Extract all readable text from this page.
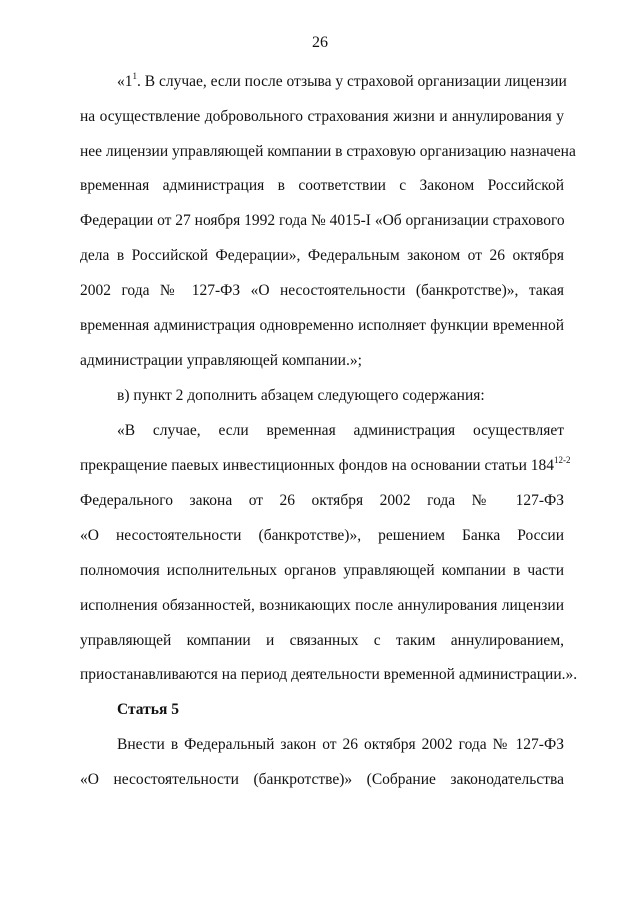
26
«$1^1$. В случае, если после отзыва у страховой организации лицензии
на осуществление добровольного страхования жизни и аннулирования у
нее лицензии управляющей компании в страховую организацию назначена
временная администрация в соответствии с Законом Российской
Федерации от 27 ноября 1992 года № 4015-I «Об организации страхового
дела в Российской Федерации», Федеральным законом от 26 октября
2002 года № 127-ФЗ «О несостоятельности (банкротстве)», такая
временная администрация одновременно исполняет функции временной
администрации управляющей компании.»;
в) пункт 2 дополнить абзацем следующего содержания:
«В случае, если временная администрация осуществляет
прекращение паевых инвестиционных фондов на основании статьи 184$^{12-2}$
Федерального закона от 26 октября 2002 года № 127-ФЗ
«О несостоятельности (банкротстве)», решением Банка России
полномочия исполнительных органов управляющей компании в части
исполнения обязанностей, возникающих после аннулирования лицензии
управляющей компании и связанных с таким аннулированием,
приостанавливаются на период деятельности временной администрации.».
Статья 5
Внести в Федеральный закон от 26 октября 2002 года № 127-ФЗ
«О несостоятельности (банкротстве)» (Собрание законодательства
